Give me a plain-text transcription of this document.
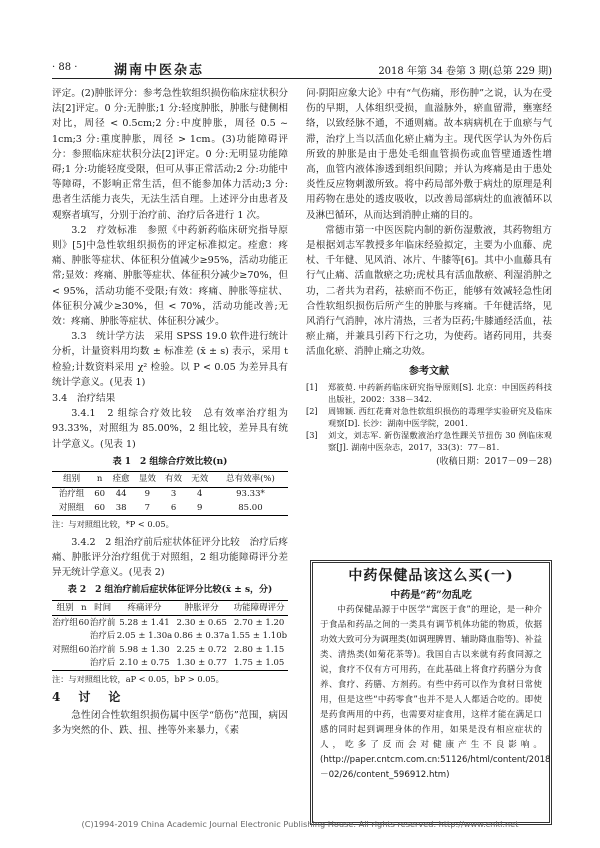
· 88 ·	湖南中医杂志	2018 年第 34 卷第 3 期(总第 229 期)

评定。(2)肿胀评分：参考急性软组织损伤临床症状积分法[2]评定。0 分:无肿胀;1 分:轻度肿胀，肿胀与健侧相对比，周径 < 0.5cm;2 分:中度肿胀，周径 0.5 ~ 1cm;3 分:重度肿胀，周径 > 1cm。(3)功能障碍评分：参照临床症状积分法[2]评定。0 分:无明显功能障碍;1 分:功能轻度受限，但可从事正常活动;2 分:功能中等障碍，不影响正常生活，但不能参加体力活动;3 分:患者生活能力丧失，无法生活自理。上述评分由患者及观察者填写，分别于治疗前、治疗后各进行 1 次。

3.2　疗效标准　参照《中药新药临床研究指导原则》[5]中急性软组织损伤的评定标准拟定。痊愈：疼痛、肿胀等症状、体征积分值减少≥95%，活动功能正常;显效：疼痛、肿胀等症状、体征积分减少≥70%，但 < 95%，活动功能不受限;有效：疼痛、肿胀等症状、体征积分减少≥30%，但 < 70%，活动功能改善;无效：疼痛、肿胀等症状、体征积分减少。

3.3　统计学方法　采用 SPSS 19.0 软件进行统计分析，计量资料用均数 ± 标准差 (x̄ ± s) 表示，采用 t 检验;计数资料采用 χ² 检验。以 P < 0.05 为差异具有统计学意义。(见表 1)

3.4　治疗结果

3.4.1　2 组综合疗效比较　总有效率治疗组为 93.33%，对照组为 85.00%，2 组比较，差异具有统计学意义。(见表 1)

表 1　2 组综合疗效比较(n)
组别	n	痊愈	显效	有效	无效	总有效率(%)
治疗组	60	44	9	3	4	93.33*
对照组	60	38	7	6	9	85.00
注：与对照组比较，*P < 0.05。

3.4.2　2 组治疗前后症状体征评分比较　治疗后疼痛、肿胀评分治疗组优于对照组，2 组功能障碍评分差异无统计学意义。(见表 2)

表 2　2 组治疗前后症状体征评分比较(x̄ ± s，分)
组别	n	时间	疼痛评分	肿胀评分	功能障碍评分
治疗组	60	治疗前	5.28 ± 1.41	2.30 ± 0.65	2.70 ± 1.20
		治疗后	2.05 ± 1.30a	0.86 ± 0.37a	1.55 ± 1.10b
对照组	60	治疗前	5.98 ± 1.30	2.25 ± 0.72	2.80 ± 1.15
		治疗后	2.10 ± 0.75	1.30 ± 0.77	1.75 ± 1.05
注：与对照组比较，aP < 0.05，bP > 0.05。
4　讨　论

急性闭合性软组织损伤属中医学“筋伤”范围，病因多为突然的仆、跌、扭、挫等外来暴力，《素

问·阴阳应象大论》中有“气伤痛，形伤肿”之说，认为在受伤的早期，人体组织受损，血溢脉外，瘀血留滞，壅塞经络，以致经脉不通，不通则痛。故本病病机在于血瘀与气滞，治疗上当以活血化瘀止痛为主。现代医学认为外伤后所致的肿胀是由于患处毛细血管损伤或血管壁通透性增高，血管内液体渗透到组织间隙；并认为疼痛是由于患处炎性反应物刺激所致。将中药局部外敷于病灶的原理是利用药物在患处的透皮吸收，以改善局部病灶的血液循环以及淋巴循环，从而达到消肿止痛的目的。

常德市第一中医医院内制的新伤湿敷液，其药物组方是根据刘志军教授多年临床经验拟定，主要为小血藤、虎杖、千年健、见风消、冰片、牛膝等[6]。其中小血藤具有行气止痛、活血散瘀之功;虎杖具有活血散瘀、利湿消肿之功，二者共为君药，祛瘀而不伤正，能够有效减轻急性闭合性软组织损伤后所产生的肿胀与疼痛。千年健活络，见风消行气消肿，冰片清热，三者为臣药;牛膝通经活血，祛瘀止痛，并兼具引药下行之功，为使药。诸药同用，共奏活血化瘀、消肿止痛之功效。

参考文献
[1]	郑筱萸. 中药新药临床研究指导原则[S]. 北京：中国医药科技出版社，2002：338－342.
[2]	周锦颖. 西红花膏对急性软组织损伤的毒理学实验研究及临床观察[D]. 长沙：湖南中医学院，2001.
[3]	刘文，刘志军. 新伤湿敷液治疗急性踝关节扭伤 30 例临床观察[J]. 湖南中医杂志，2017，33(3)：77－81.
(收稿日期：2017－09－28)
中药保健品该这么买(一)
中药是“药”勿乱吃

中药保健品源于中医学“寓医于食”的理论，是一种介于食品和药品之间的一类具有调节机体功能的物质，依据功效大致可分为调理类(如调理脾胃、辅助降血脂等)、补益类、清热类(如菊花茶等)。我国自古以来就有药食同源之说，食疗不仅有方可用药，在此基础上将食疗药膳分为食养、食疗、药膳、方剂药。有些中药可以作为食材日常使用，但是这些“中药零食”也并不是人人都适合吃的。即使是药食两用的中药，也需要对症食用，这样才能在满足口感的同时起到调理身体的作用，如果是没有相应症状的人，吃多了反而会对健康产生不良影响。(http://paper.cntcm.com.cn:51126/html/content/2018－02/26/content_596912.htm)

(C)1994-2019 China Academic Journal Electronic Publishing House. All rights reserved. http://www.cnki.net
